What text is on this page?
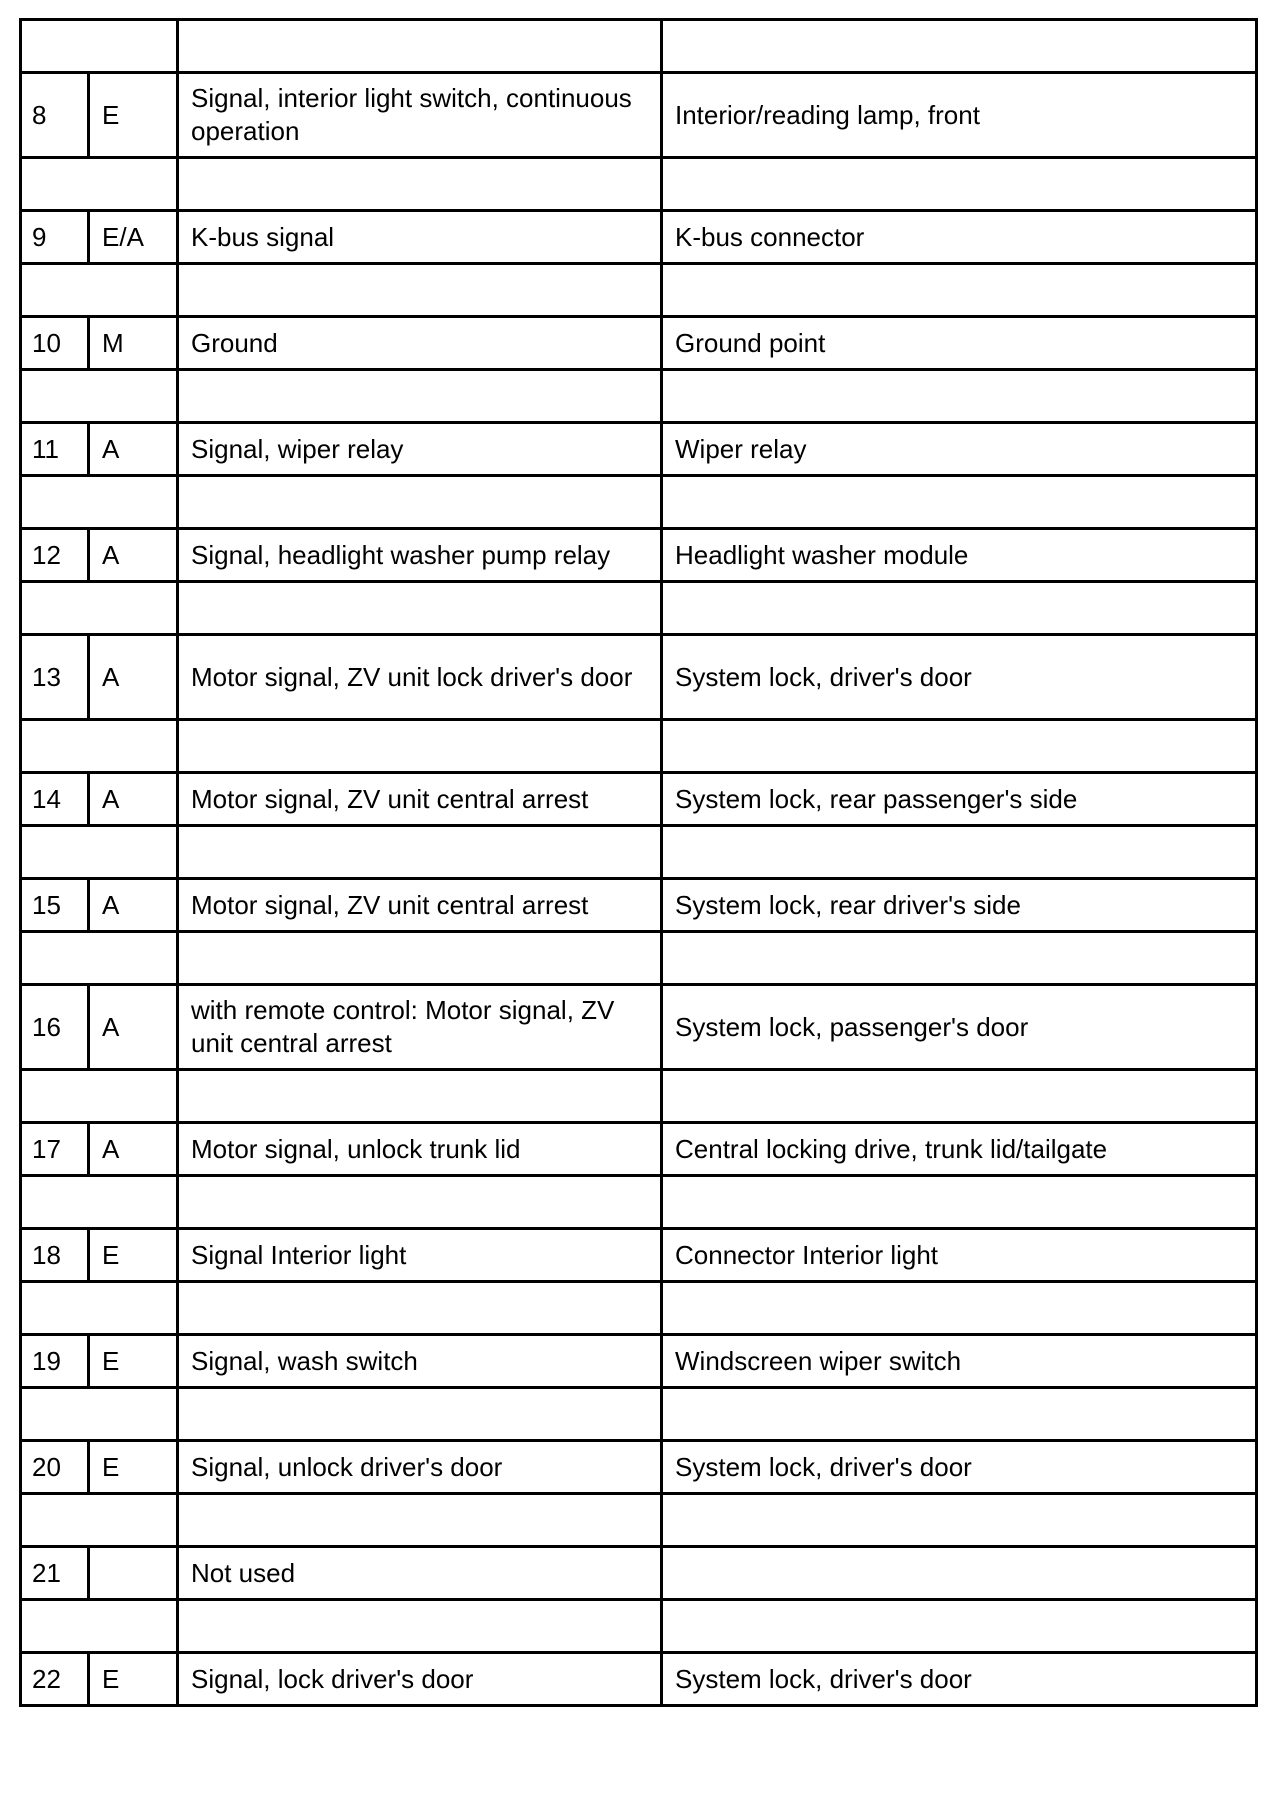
8	E	Signal, interior light switch, continuous operation	Interior/reading lamp, front

9	E/A	K-bus signal	K-bus connector

10	M	Ground	Ground point

11	A	Signal, wiper relay	Wiper relay

12	A	Signal, headlight washer pump relay	Headlight washer module

13	A	Motor signal, ZV unit lock driver's door	System lock, driver's door

14	A	Motor signal, ZV unit central arrest	System lock, rear passenger's side

15	A	Motor signal, ZV unit central arrest	System lock, rear driver's side

16	A	with remote control: Motor signal, ZV unit central arrest	System lock, passenger's door

17	A	Motor signal, unlock trunk lid	Central locking drive, trunk lid/tailgate

18	E	Signal Interior light	Connector Interior light

19	E	Signal, wash switch	Windscreen wiper switch

20	E	Signal, unlock driver's door	System lock, driver's door

21		Not used	

22	E	Signal, lock driver's door	System lock, driver's door
